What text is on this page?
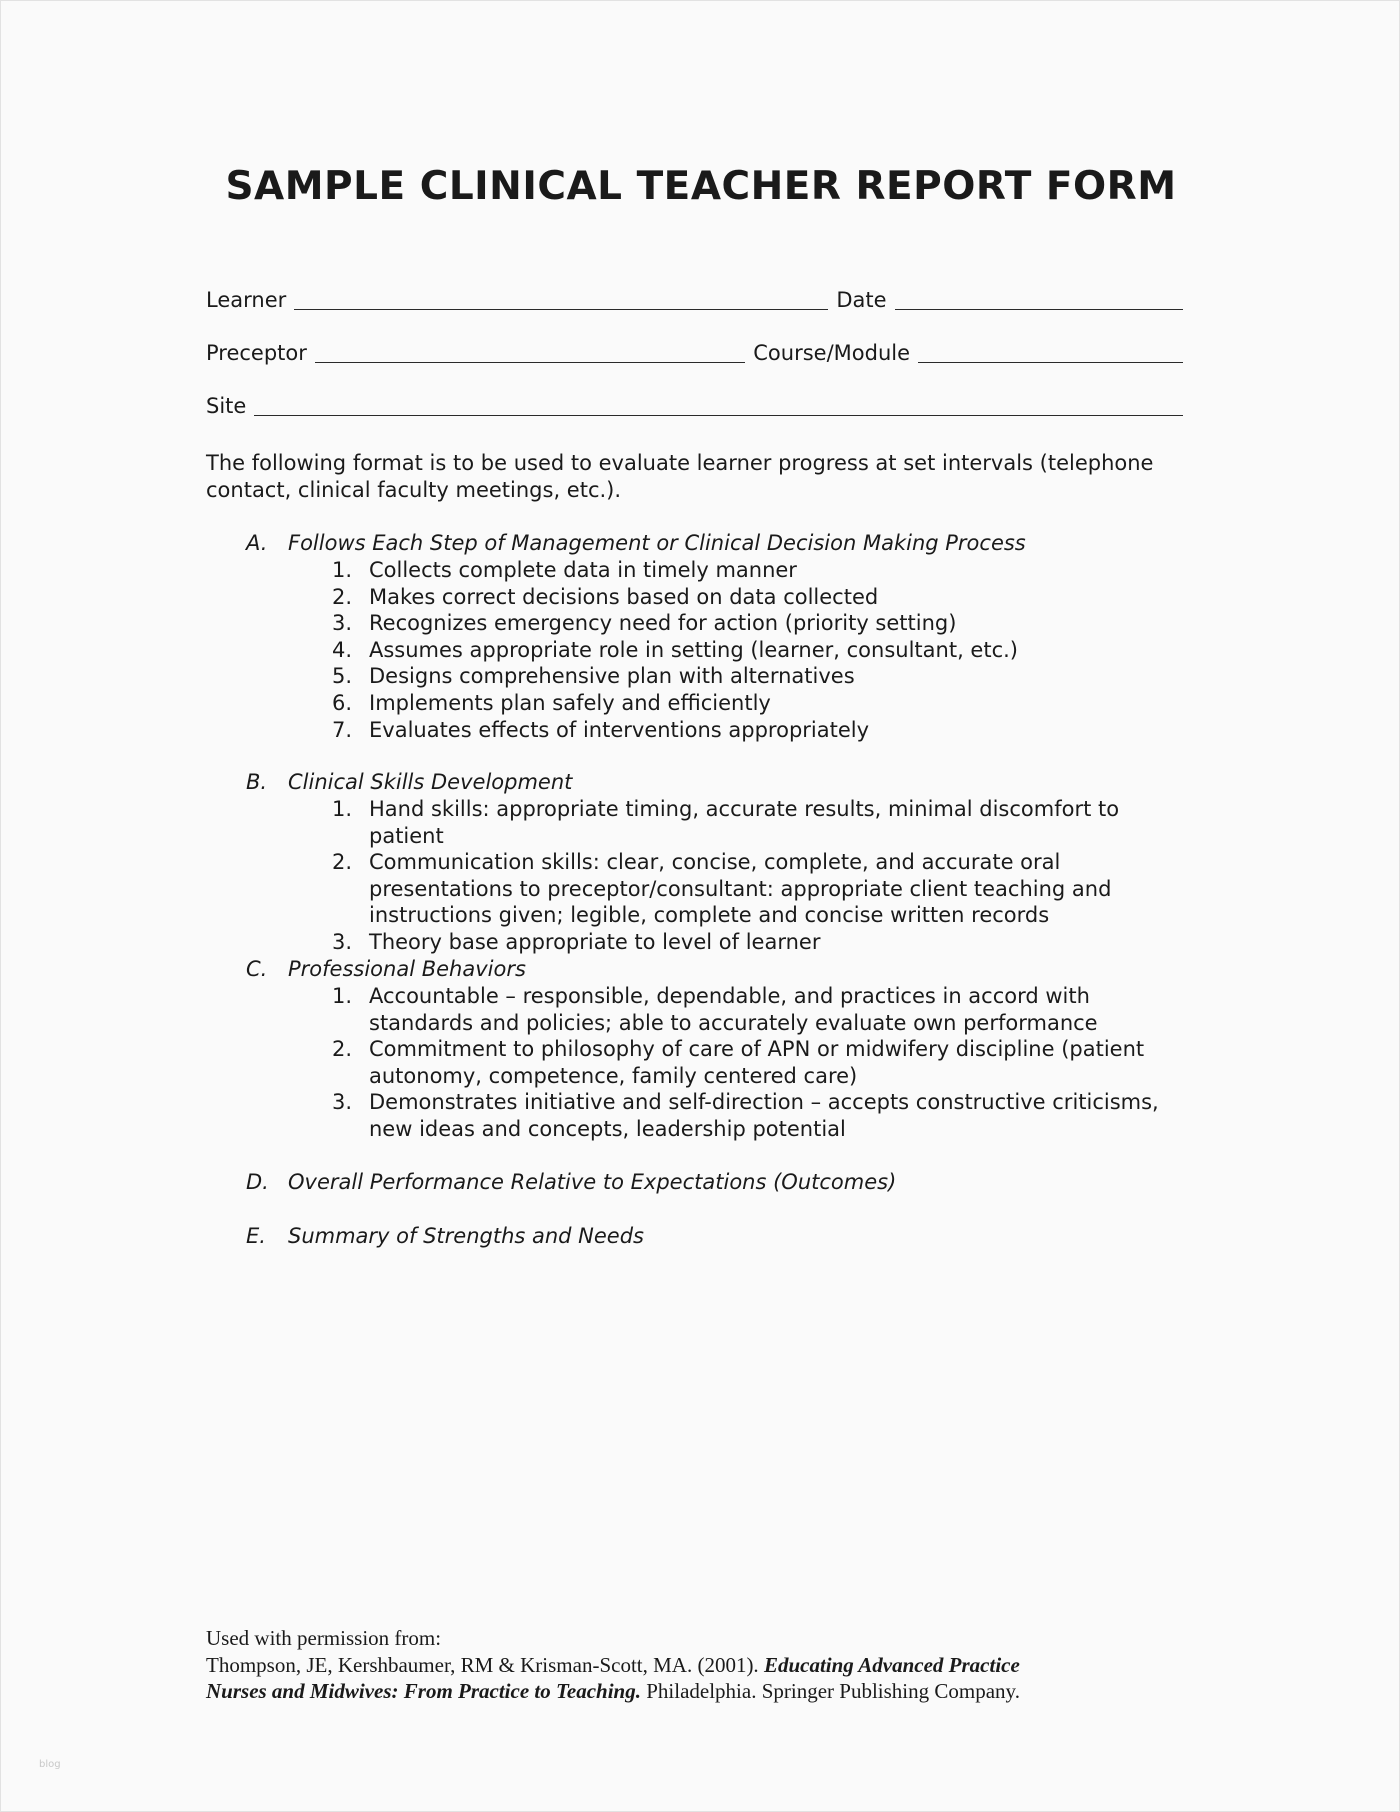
SAMPLE CLINICAL TEACHER REPORT FORM
Learner	Date
Preceptor	Course/Module
Site
The following format is to be used to evaluate learner progress at set intervals (telephone contact, clinical faculty meetings, etc.).
A. Follows Each Step of Management or Clinical Decision Making Process
1. Collects complete data in timely manner
2. Makes correct decisions based on data collected
3. Recognizes emergency need for action (priority setting)
4. Assumes appropriate role in setting (learner, consultant, etc.)
5. Designs comprehensive plan with alternatives
6. Implements plan safely and efficiently
7. Evaluates effects of interventions appropriately
B. Clinical Skills Development
1. Hand skills: appropriate timing, accurate results, minimal discomfort to patient
2. Communication skills: clear, concise, complete, and accurate oral presentations to preceptor/consultant: appropriate client teaching and instructions given; legible, complete and concise written records
3. Theory base appropriate to level of learner
C. Professional Behaviors
1. Accountable – responsible, dependable, and practices in accord with standards and policies; able to accurately evaluate own performance
2. Commitment to philosophy of care of APN or midwifery discipline (patient autonomy, competence, family centered care)
3. Demonstrates initiative and self-direction – accepts constructive criticisms, new ideas and concepts, leadership potential
D. Overall Performance Relative to Expectations (Outcomes)
E.	Summary of Strengths and Needs
Used with permission from:
Thompson, JE, Kershbaumer, RM & Krisman-Scott, MA. (2001). Educating Advanced Practice
Nurses and Midwives: From Practice to Teaching. Philadelphia. Springer Publishing Company.
blog
